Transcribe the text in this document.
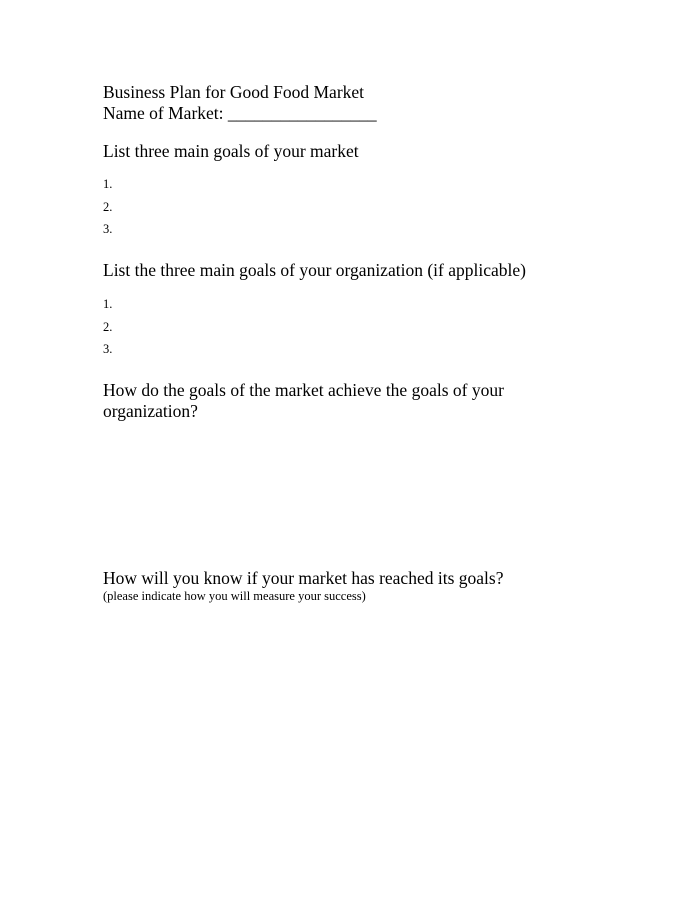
Business Plan for Good Food Market
Name of Market: _________________
List three main goals of your market
1.
2.
3.
List the three main goals of your organization (if applicable)
1.
2.
3.
How do the goals of the market achieve the goals of your organization?
How will you know if your market has reached its goals?
(please indicate how you will measure your success)
